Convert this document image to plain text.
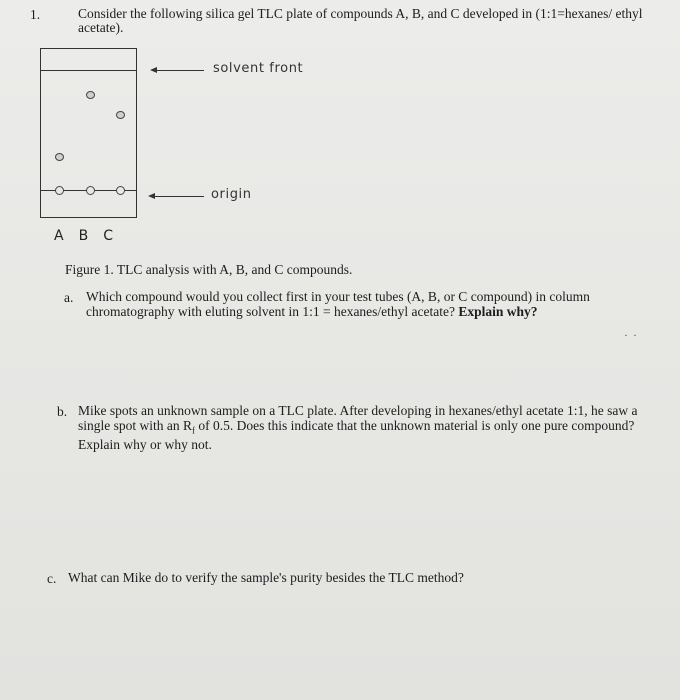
1.	Consider the following silica gel TLC plate of compounds A, B, and C developed in (1:1=hexanes/ ethyl acetate).
solvent front
origin
A B C
Figure 1. TLC analysis with A, B, and C compounds.
a. Which compound would you collect first in your test tubes (A, B, or C compound) in column chromatography with eluting solvent in 1:1 = hexanes/ethyl acetate? Explain why?
· ·
b. Mike spots an unknown sample on a TLC plate. After developing in hexanes/ethyl acetate 1:1, he saw a single spot with an $R_f$ of 0.5. Does this indicate that the unknown material is only one pure compound? Explain why or why not.
c. What can Mike do to verify the sample's purity besides the TLC method?
